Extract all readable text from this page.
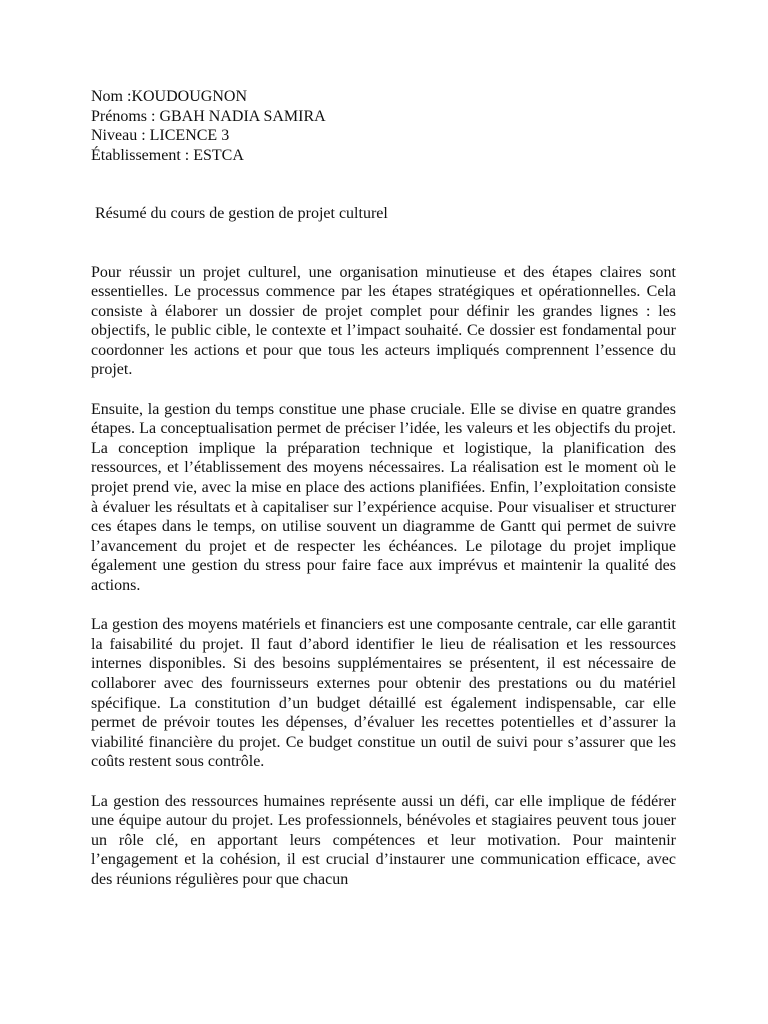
Nom :KOUDOUGNON

Prénoms : GBAH NADIA SAMIRA

Niveau : LICENCE 3

Établissement : ESTCA

Résumé du cours de gestion de projet culturel

Pour réussir un projet culturel, une organisation minutieuse et des étapes claires sont essentielles. Le processus commence par les étapes stratégiques et opérationnelles. Cela consiste à élaborer un dossier de projet complet pour définir les grandes lignes : les objectifs, le public cible, le contexte et l’impact souhaité. Ce dossier est fondamental pour coordonner les actions et pour que tous les acteurs impliqués comprennent l’essence du projet.

Ensuite, la gestion du temps constitue une phase cruciale. Elle se divise en quatre grandes étapes. La conceptualisation permet de préciser l’idée, les valeurs et les objectifs du projet. La conception implique la préparation technique et logistique, la planification des ressources, et l’établissement des moyens nécessaires. La réalisation est le moment où le projet prend vie, avec la mise en place des actions planifiées. Enfin, l’exploitation consiste à évaluer les résultats et à capitaliser sur l’expérience acquise. Pour visualiser et structurer ces étapes dans le temps, on utilise souvent un diagramme de Gantt qui permet de suivre l’avancement du projet et de respecter les échéances. Le pilotage du projet implique également une gestion du stress pour faire face aux imprévus et maintenir la qualité des actions.

La gestion des moyens matériels et financiers est une composante centrale, car elle garantit la faisabilité du projet. Il faut d’abord identifier le lieu de réalisation et les ressources internes disponibles. Si des besoins supplémentaires se présentent, il est nécessaire de collaborer avec des fournisseurs externes pour obtenir des prestations ou du matériel spécifique. La constitution d’un budget détaillé est également indispensable, car elle permet de prévoir toutes les dépenses, d’évaluer les recettes potentielles et d’assurer la viabilité financière du projet. Ce budget constitue un outil de suivi pour s’assurer que les coûts restent sous contrôle.

La gestion des ressources humaines représente aussi un défi, car elle implique de fédérer une équipe autour du projet. Les professionnels, bénévoles et stagiaires peuvent tous jouer un rôle clé, en apportant leurs compétences et leur motivation. Pour maintenir l’engagement et la cohésion, il est crucial d’instaurer une communication efficace, avec des réunions régulières pour que chacun
